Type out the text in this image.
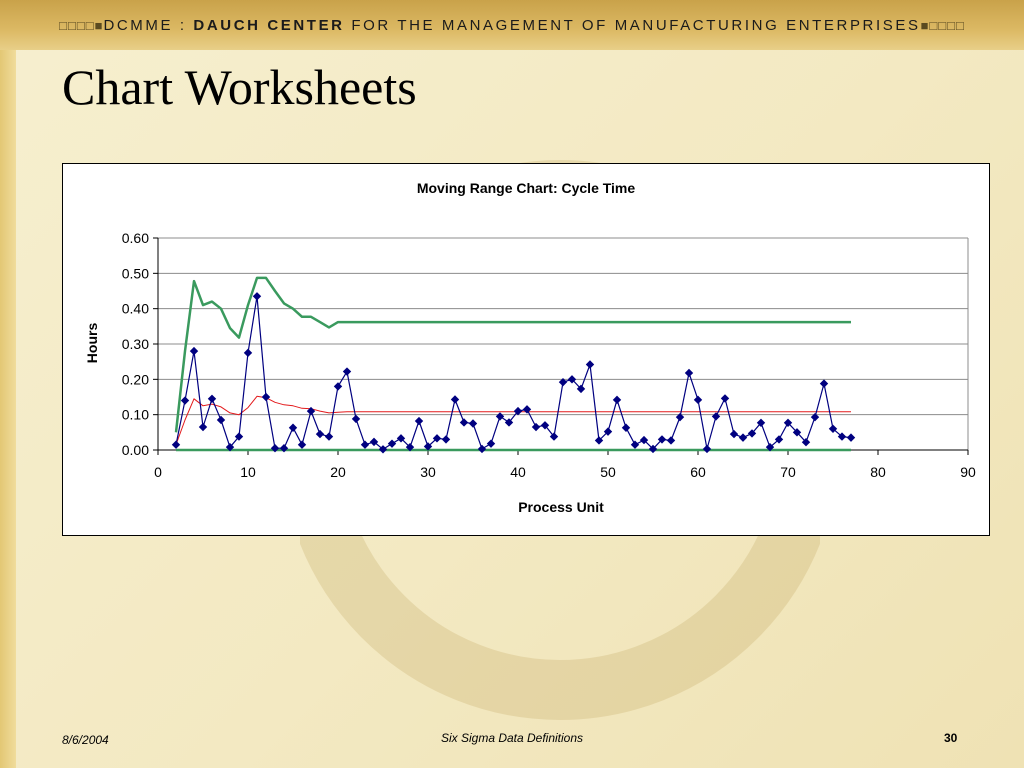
□□□□■ DCMME : DAUCH CENTER FOR THE MANAGEMENT OF MANUFACTURING ENTERPRISES ■□□□□
Chart Worksheets
Moving Range Chart: Cycle Time
Hours
Process Unit
0.00
0.10
0.20
0.30
0.40
0.50
0.60
0	10	20	30	40	50	60	70	80	90
8/6/2004	Six Sigma Data Definitions	30
